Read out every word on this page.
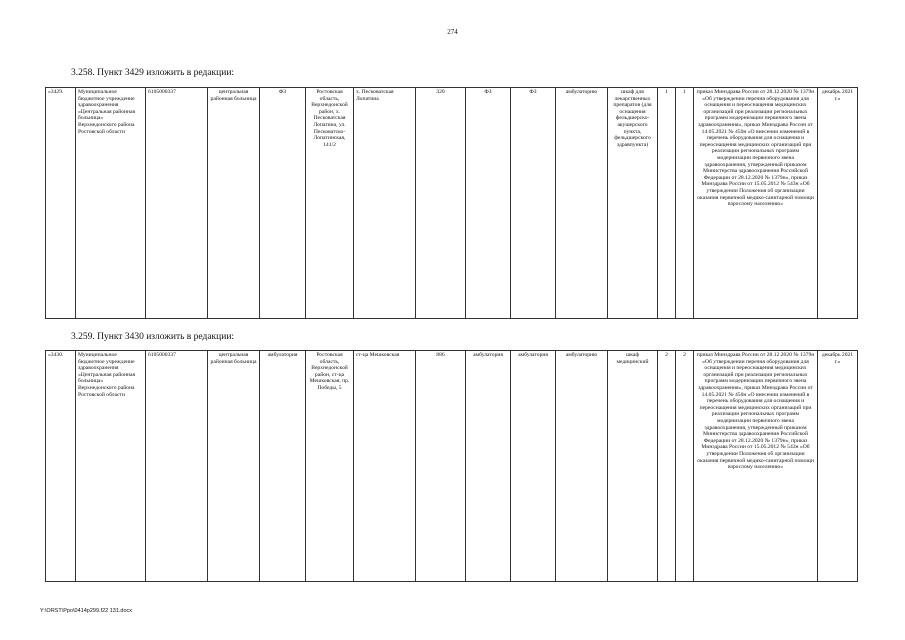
274
3.258. Пункт 3429 изложить в редакции:
«3429.	Муниципальное бюджетное учреждение здравоохранения «Центральная районная больница» Верхнедонского района Ростовской области	6105000337	центральная районная больница	ФЗ	Ростовская область, Верхнедонской район, х. Песковатская Лопатина, ул. Песковатско-Лопатинская, 141/2	х. Песковатская Лопатина	320	ФЗ	ФЗ	амбулаторию	шкаф для лекарственных препаратов (для оснащения фельдшерско-акушерского пункта, фельдшерского здравпункта)	1	1	приказ Минздрава России от 28.12.2020 № 1379н «Об утверждении перечня оборудования для оснащения и переоснащения медицинских организаций при реализации региональных программ модернизации первичного звена здравоохранения», приказ Минздрава России от 14.05.2021 № 450н «О внесении изменений в перечень оборудования для оснащения и переоснащения медицинских организаций при реализации региональных программ модернизации первичного звена здравоохранения, утвержденный приказом Министерства здравоохранения Российской Федерации от 28.12.2020 № 1379н», приказ Минздрава России от 15.05.2012 № 543н «Об утверждении Положения об организации оказания первичной медико-санитарной помощи взрослому населению»	декабрь 2021 г.»
3.259. Пункт 3430 изложить в редакции:
«3430.	Муниципальное бюджетное учреждение здравоохранения «Центральная районная больница» Верхнедонского района Ростовской области	6105000337	центральная районная больница	амбулатория	Ростовская область, Верхнедонской район, ст-ца Мешковская, пр. Победы, 5	ст-ца Мешковская	886	амбулатория	амбулатория	амбулаторию	шкаф медицинский	2	2	приказ Минздрава России от 28.12.2020 № 1379н «Об утверждении перечня оборудования для оснащения и переоснащения медицинских организаций при реализации региональных программ модернизации первичного звена здравоохранения», приказ Минздрава России от 14.05.2021 № 450н «О внесении изменений в перечень оборудования для оснащения и переоснащения медицинских организаций при реализации региональных программ модернизации первичного звена здравоохранения, утвержденный приказом Министерства здравоохранения Российской Федерации от 28.12.2020 № 1379н», приказ Минздрава России от 15.05.2012 № 543н «Об утверждении Положения об организации оказания первичной медико-санитарной помощи взрослому населению»	декабрь 2021 г.»
Y:\ORST\Ppo\0414p299.f22 131.docx
